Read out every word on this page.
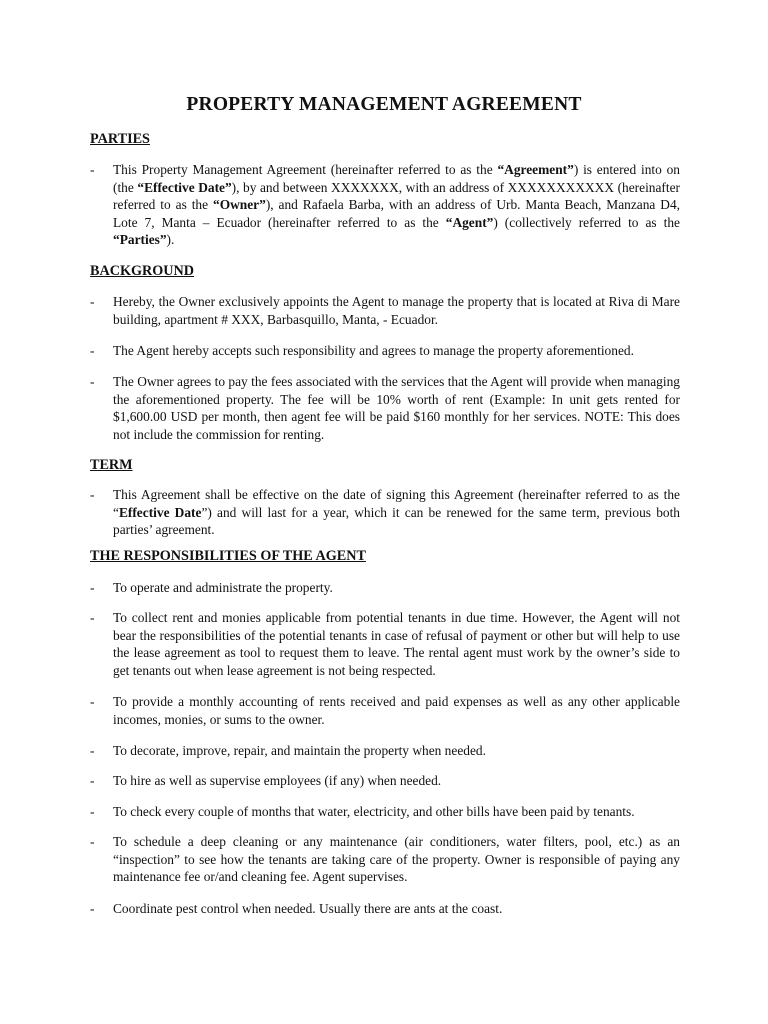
PROPERTY MANAGEMENT AGREEMENT
PARTIES
-	This Property Management Agreement (hereinafter referred to as the “Agreement”) is entered into on (the “Effective Date”), by and between XXXXXXX, with an address of XXXXXXXXXXX (hereinafter referred to as the “Owner”), and Rafaela Barba, with an address of Urb. Manta Beach, Manzana D4, Lote 7, Manta – Ecuador (hereinafter referred to as the “Agent”) (collectively referred to as the “Parties”).
BACKGROUND
-	Hereby, the Owner exclusively appoints the Agent to manage the property that is located at Riva di Mare building, apartment # XXX, Barbasquillo, Manta, - Ecuador.
-	The Agent hereby accepts such responsibility and agrees to manage the property aforementioned.
-	The Owner agrees to pay the fees associated with the services that the Agent will provide when managing the aforementioned property. The fee will be 10% worth of rent (Example: In unit gets rented for $1,600.00 USD per month, then agent fee will be paid $160 monthly for her services. NOTE: This does not include the commission for renting.
TERM
-	This Agreement shall be effective on the date of signing this Agreement (hereinafter referred to as the “Effective Date”) and will last for a year, which it can be renewed for the same term, previous both parties’ agreement.
THE RESPONSIBILITIES OF THE AGENT
-	To operate and administrate the property.
-	To collect rent and monies applicable from potential tenants in due time. However, the Agent will not bear the responsibilities of the potential tenants in case of refusal of payment or other but will help to use the lease agreement as tool to request them to leave. The rental agent must work by the owner’s side to get tenants out when lease agreement is not being respected.
-	To provide a monthly accounting of rents received and paid expenses as well as any other applicable incomes, monies, or sums to the owner.
-	To decorate, improve, repair, and maintain the property when needed.
-	To hire as well as supervise employees (if any) when needed.
-	To check every couple of months that water, electricity, and other bills have been paid by tenants.
-	To schedule a deep cleaning or any maintenance (air conditioners, water filters, pool, etc.) as an “inspection” to see how the tenants are taking care of the property. Owner is responsible of paying any maintenance fee or/and cleaning fee. Agent supervises.
-	Coordinate pest control when needed. Usually there are ants at the coast.
